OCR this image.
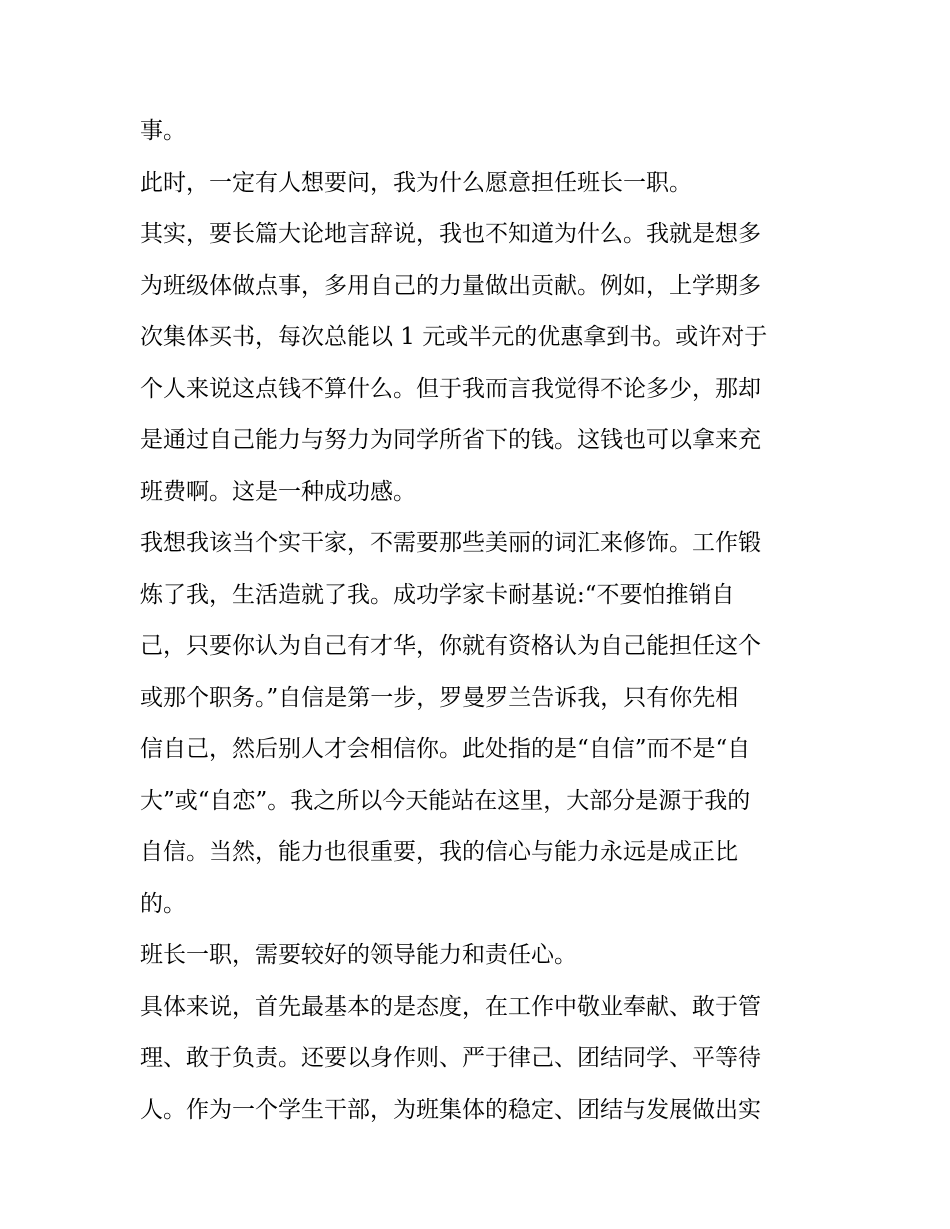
事。
此时，一定有人想要问，我为什么愿意担任班长一职。
其实，要长篇大论地言辞说，我也不知道为什么。我就是想多
为班级体做点事，多用自己的力量做出贡献。例如，上学期多
次集体买书，每次总能以 1 元或半元的优惠拿到书。或许对于
个人来说这点钱不算什么。但于我而言我觉得不论多少，那却
是通过自己能力与努力为同学所省下的钱。这钱也可以拿来充
班费啊。这是一种成功感。
我想我该当个实干家，不需要那些美丽的词汇来修饰。工作锻
炼了我，生活造就了我。成功学家卡耐基说:“不要怕推销自
己，只要你认为自己有才华，你就有资格认为自己能担任这个
或那个职务。”自信是第一步，罗曼罗兰告诉我，只有你先相
信自己，然后别人才会相信你。此处指的是“自信”而不是“自
大”或“自恋”。我之所以今天能站在这里，大部分是源于我的
自信。当然，能力也很重要，我的信心与能力永远是成正比
的。
班长一职，需要较好的领导能力和责任心。
具体来说，首先最基本的是态度，在工作中敬业奉献、敢于管
理、敢于负责。还要以身作则、严于律己、团结同学、平等待
人。作为一个学生干部，为班集体的稳定、团结与发展做出实
